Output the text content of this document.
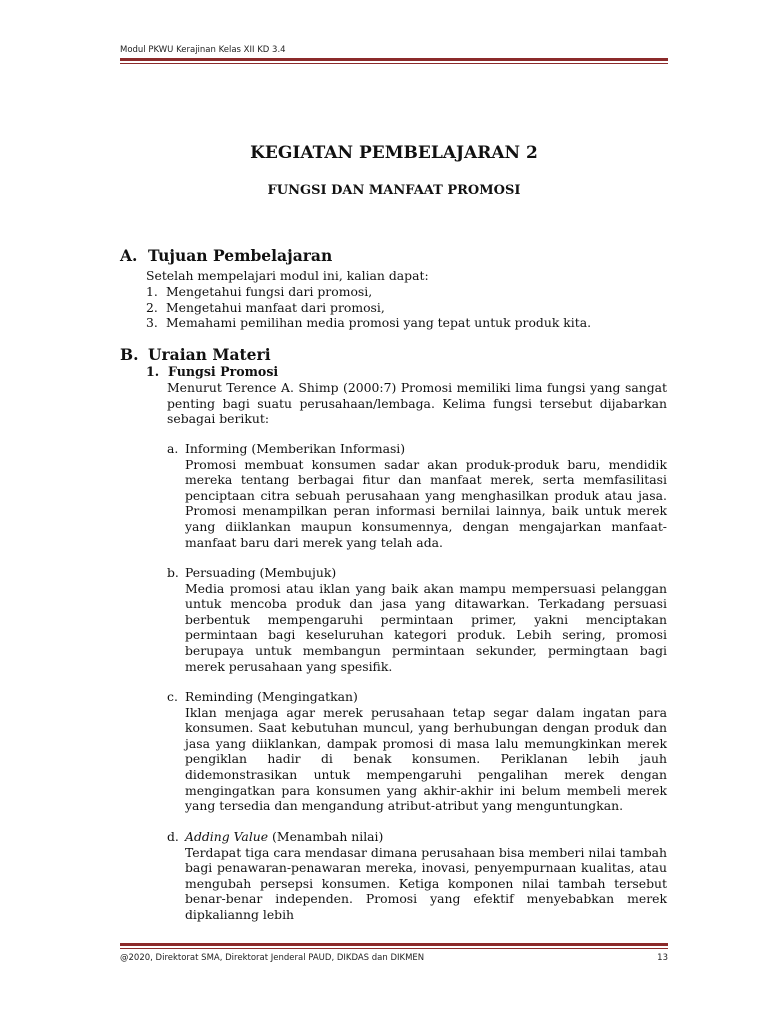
Modul PKWU Kerajinan Kelas XII KD 3.4
KEGIATAN PEMBELAJARAN 2
FUNGSI DAN MANFAAT PROMOSI
A. Tujuan Pembelajaran
Setelah mempelajari modul ini, kalian dapat:
1. Mengetahui fungsi dari promosi,
2. Mengetahui manfaat dari promosi,
3. Memahami pemilihan media promosi yang tepat untuk produk kita.
B. Uraian Materi
1. Fungsi Promosi
Menurut Terence A. Shimp (2000:7) Promosi memiliki lima fungsi yang sangat penting bagi suatu perusahaan/lembaga. Kelima fungsi tersebut dijabarkan sebagai berikut:
a. Informing (Memberikan Informasi)
Promosi membuat konsumen sadar akan produk-produk baru, mendidik mereka tentang berbagai fitur dan manfaat merek, serta memfasilitasi penciptaan citra sebuah perusahaan yang menghasilkan produk atau jasa. Promosi menampilkan peran informasi bernilai lainnya, baik untuk merek yang diiklankan maupun konsumennya, dengan mengajarkan manfaat-manfaat baru dari merek yang telah ada.
b. Persuading (Membujuk)
Media promosi atau iklan yang baik akan mampu mempersuasi pelanggan untuk mencoba produk dan jasa yang ditawarkan. Terkadang persuasi berbentuk mempengaruhi permintaan primer, yakni menciptakan permintaan bagi keseluruhan kategori produk. Lebih sering, promosi berupaya untuk membangun permintaan sekunder, permingtaan bagi merek perusahaan yang spesifik.
c. Reminding (Mengingatkan)
Iklan menjaga agar merek perusahaan tetap segar dalam ingatan para konsumen. Saat kebutuhan muncul, yang berhubungan dengan produk dan jasa yang diiklankan, dampak promosi di masa lalu memungkinkan merek pengiklan hadir di benak konsumen. Periklanan lebih jauh didemonstrasikan untuk mempengaruhi pengalihan merek dengan mengingatkan para konsumen yang akhir-akhir ini belum membeli merek yang tersedia dan mengandung atribut-atribut yang menguntungkan.
d. Adding Value (Menambah nilai)
Terdapat tiga cara mendasar dimana perusahaan bisa memberi nilai tambah bagi penawaran-penawaran mereka, inovasi, penyempurnaan kualitas, atau mengubah persepsi konsumen. Ketiga komponen nilai tambah tersebut benar-benar independen. Promosi yang efektif menyebabkan merek dipkalianng lebih
@2020, Direktorat SMA, Direktorat Jenderal PAUD, DIKDAS dan DIKMEN	13
